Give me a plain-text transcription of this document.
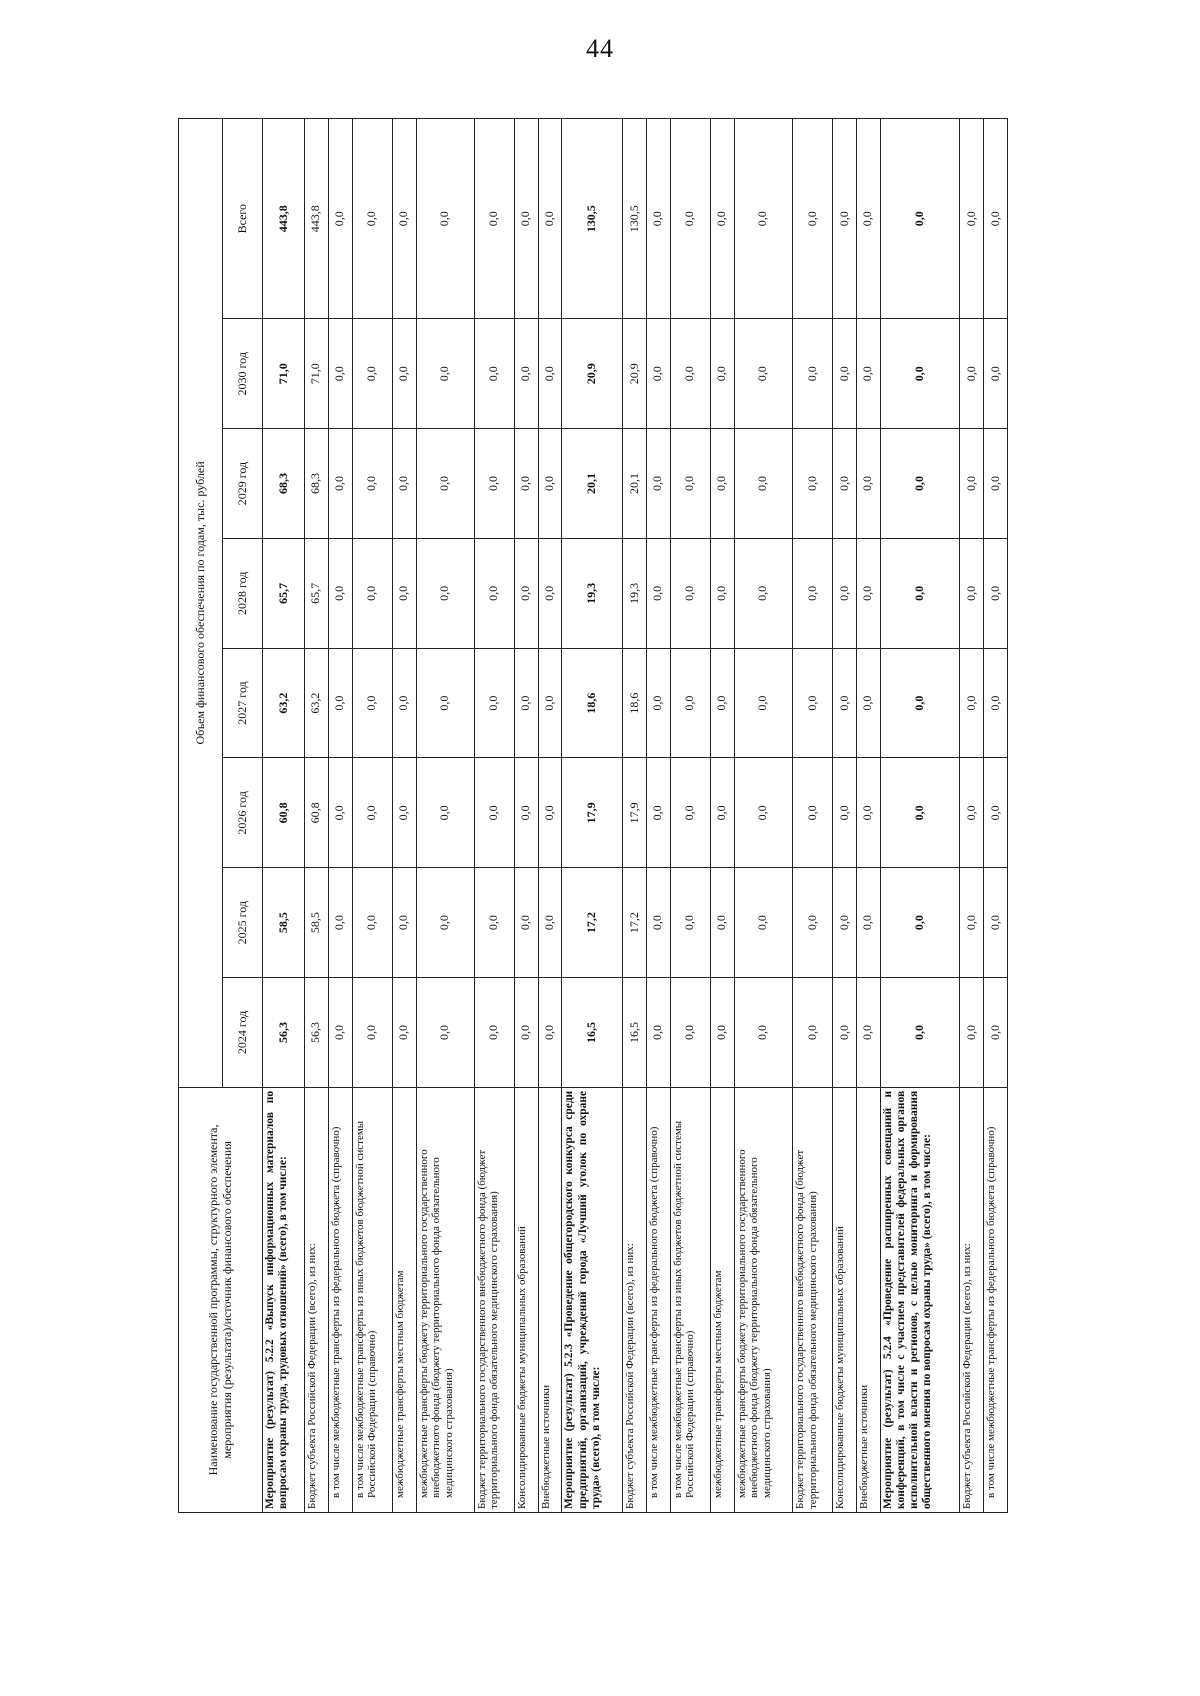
44
Наименование государственной программы, структурного элемента, мероприятия (результата)/источник финансового обеспечения	Объем финансового обеспечения по годам, тыс. рублей							
	2024 год	2025 год	2026 год	2027 год	2028 год	2029 год	2030 год	Всего
Мероприятие (результат) 5.2.2 «Выпуск информационных материалов по вопросам охраны труда, трудовых отношений» (всего), в том числе:	56,3	58,5	60,8	63,2	65,7	68,3	71,0	443,8
Бюджет субъекта Российской Федерации (всего), из них:	56,3	58,5	60,8	63,2	65,7	68,3	71,0	443,8
в том числе межбюджетные трансферты из федерального бюджета (справочно)	0,0	0,0	0,0	0,0	0,0	0,0	0,0	0,0
в том числе межбюджетные трансферты из иных бюджетов бюджетной системы Российской Федерации (справочно)	0,0	0,0	0,0	0,0	0,0	0,0	0,0	0,0
межбюджетные трансферты местным бюджетам	0,0	0,0	0,0	0,0	0,0	0,0	0,0	0,0
межбюджетные трансферты бюджету территориального государственного внебюджетного фонда (бюджету территориального фонда обязательного медицинского страхования)	0,0	0,0	0,0	0,0	0,0	0,0	0,0	0,0
Бюджет территориального государственного внебюджетного фонда (бюджет территориального фонда обязательного медицинского страхования)	0,0	0,0	0,0	0,0	0,0	0,0	0,0	0,0
Консолидированные бюджеты муниципальных образований	0,0	0,0	0,0	0,0	0,0	0,0	0,0	0,0
Внебюджетные источники	0,0	0,0	0,0	0,0	0,0	0,0	0,0	0,0
Мероприятие (результат) 5.2.3 «Проведение общегородского конкурса среди предприятий, организаций, учреждений города «Лучший уголок по охране труда» (всего), в том числе:	16,5	17,2	17,9	18,6	19,3	20,1	20,9	130,5
Бюджет субъекта Российской Федерации (всего), из них:	16,5	17,2	17,9	18,6	19,3	20,1	20,9	130,5
в том числе межбюджетные трансферты из федерального бюджета (справочно)	0,0	0,0	0,0	0,0	0,0	0,0	0,0	0,0
в том числе межбюджетные трансферты из иных бюджетов бюджетной системы Российской Федерации (справочно)	0,0	0,0	0,0	0,0	0,0	0,0	0,0	0,0
межбюджетные трансферты местным бюджетам	0,0	0,0	0,0	0,0	0,0	0,0	0,0	0,0
межбюджетные трансферты бюджету территориального государственного внебюджетного фонда (бюджету территориального фонда обязательного медицинского страхования)	0,0	0,0	0,0	0,0	0,0	0,0	0,0	0,0
Бюджет территориального государственного внебюджетного фонда (бюджет территориального фонда обязательного медицинского страхования)	0,0	0,0	0,0	0,0	0,0	0,0	0,0	0,0
Консолидированные бюджеты муниципальных образований	0,0	0,0	0,0	0,0	0,0	0,0	0,0	0,0
Внебюджетные источники	0,0	0,0	0,0	0,0	0,0	0,0	0,0	0,0
Мероприятие (результат) 5.2.4 «Проведение расширенных совещаний и конференций, в том числе с участием представителей федеральных органов исполнительной власти и регионов, с целью мониторинга и формирования общественного мнения по вопросам охраны труда» (всего), в том числе:	0,0	0,0	0,0	0,0	0,0	0,0	0,0	0,0
Бюджет субъекта Российской Федерации (всего), из них:	0,0	0,0	0,0	0,0	0,0	0,0	0,0	0,0
в том числе межбюджетные трансферты из федерального бюджета (справочно)	0,0	0,0	0,0	0,0	0,0	0,0	0,0	0,0
